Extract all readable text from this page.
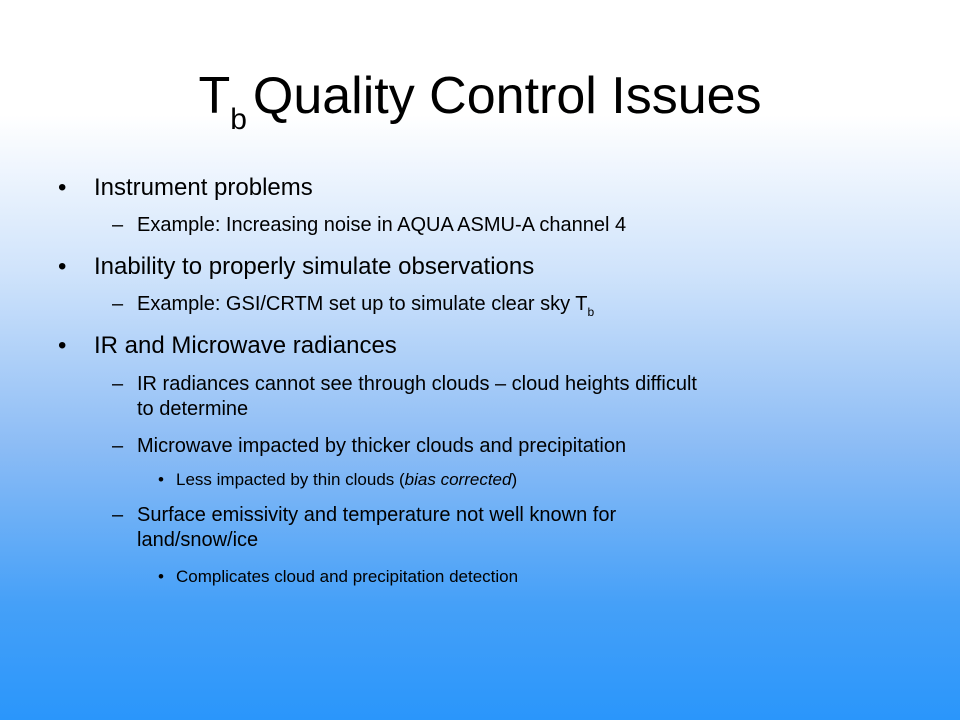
$T_b$ Quality Control Issues
• Instrument problems
– Example: Increasing noise in AQUA ASMU-A channel 4
• Inability to properly simulate observations
– Example: GSI/CRTM set up to simulate clear sky $T_b$
• IR and Microwave radiances
– IR radiances cannot see through clouds – cloud heights difficult
to determine
– Microwave impacted by thicker clouds and precipitation
• Less impacted by thin clouds (bias corrected)
– Surface emissivity and temperature not well known for
land/snow/ice
• Complicates cloud and precipitation detection
